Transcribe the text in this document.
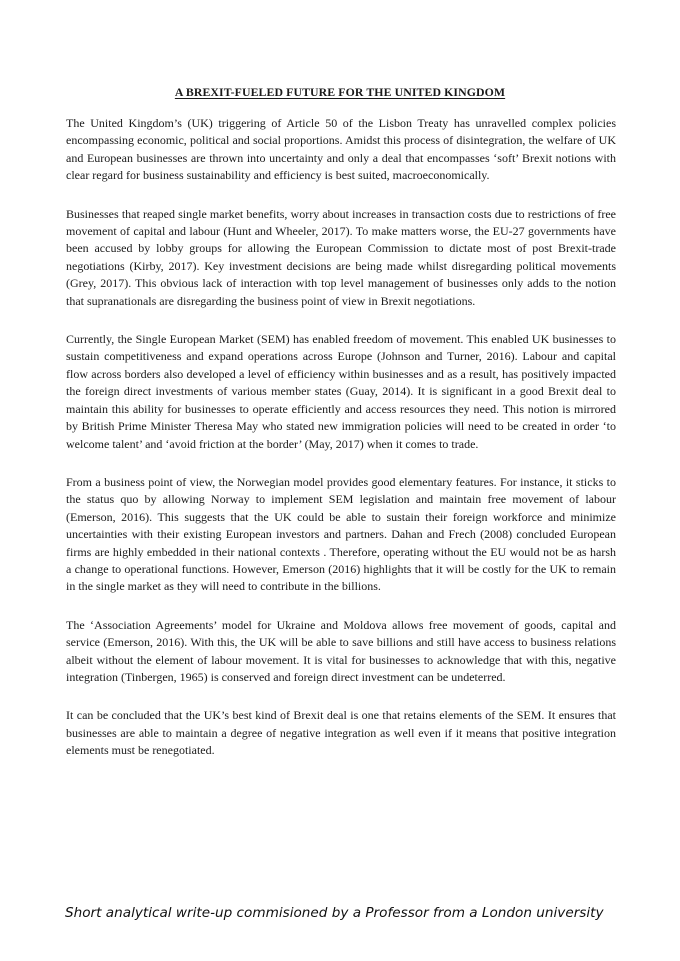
A BREXIT-FUELED FUTURE FOR THE UNITED KINGDOM

The United Kingdom’s (UK) triggering of Article 50 of the Lisbon Treaty has unravelled complex policies encompassing economic, political and social proportions. Amidst this process of disintegration, the welfare of UK and European businesses are thrown into uncertainty and only a deal that encompasses ‘soft’ Brexit notions with clear regard for business sustainability and efficiency is best suited, macroeconomically.

Businesses that reaped single market benefits, worry about increases in transaction costs due to restrictions of free movement of capital and labour (Hunt and Wheeler, 2017). To make matters worse, the EU-27 governments have been accused by lobby groups for allowing the European Commission to dictate most of post Brexit-trade negotiations (Kirby, 2017). Key investment decisions are being made whilst disregarding political movements (Grey, 2017). This obvious lack of interaction with top level management of businesses only adds to the notion that supranationals are disregarding the business point of view in Brexit negotiations.

Currently, the Single European Market (SEM) has enabled freedom of movement. This enabled UK businesses to sustain competitiveness and expand operations across Europe (Johnson and Turner, 2016). Labour and capital flow across borders also developed a level of efficiency within businesses and as a result, has positively impacted the foreign direct investments of various member states (Guay, 2014). It is significant in a good Brexit deal to maintain this ability for businesses to operate efficiently and access resources they need. This notion is mirrored by British Prime Minister Theresa May who stated new immigration policies will need to be created in order ‘to welcome talent’ and ‘avoid friction at the border’ (May, 2017) when it comes to trade.

From a business point of view, the Norwegian model provides good elementary features. For instance, it sticks to the status quo by allowing Norway to implement SEM legislation and maintain free movement of labour (Emerson, 2016). This suggests that the UK could be able to sustain their foreign workforce and minimize uncertainties with their existing European investors and partners. Dahan and Frech (2008) concluded European firms are highly embedded in their national contexts . Therefore, operating without the EU would not be as harsh a change to operational functions. However, Emerson (2016) highlights that it will be costly for the UK to remain in the single market as they will need to contribute in the billions.

The ‘Association Agreements’ model for Ukraine and Moldova allows free movement of goods, capital and service (Emerson, 2016). With this, the UK will be able to save billions and still have access to business relations albeit without the element of labour movement. It is vital for businesses to acknowledge that with this, negative integration (Tinbergen, 1965) is conserved and foreign direct investment can be undeterred.

It can be concluded that the UK’s best kind of Brexit deal is one that retains elements of the SEM. It ensures that businesses are able to maintain a degree of negative integration as well even if it means that positive integration elements must be renegotiated.

Short analytical write-up commisioned by a Professor from a London university
